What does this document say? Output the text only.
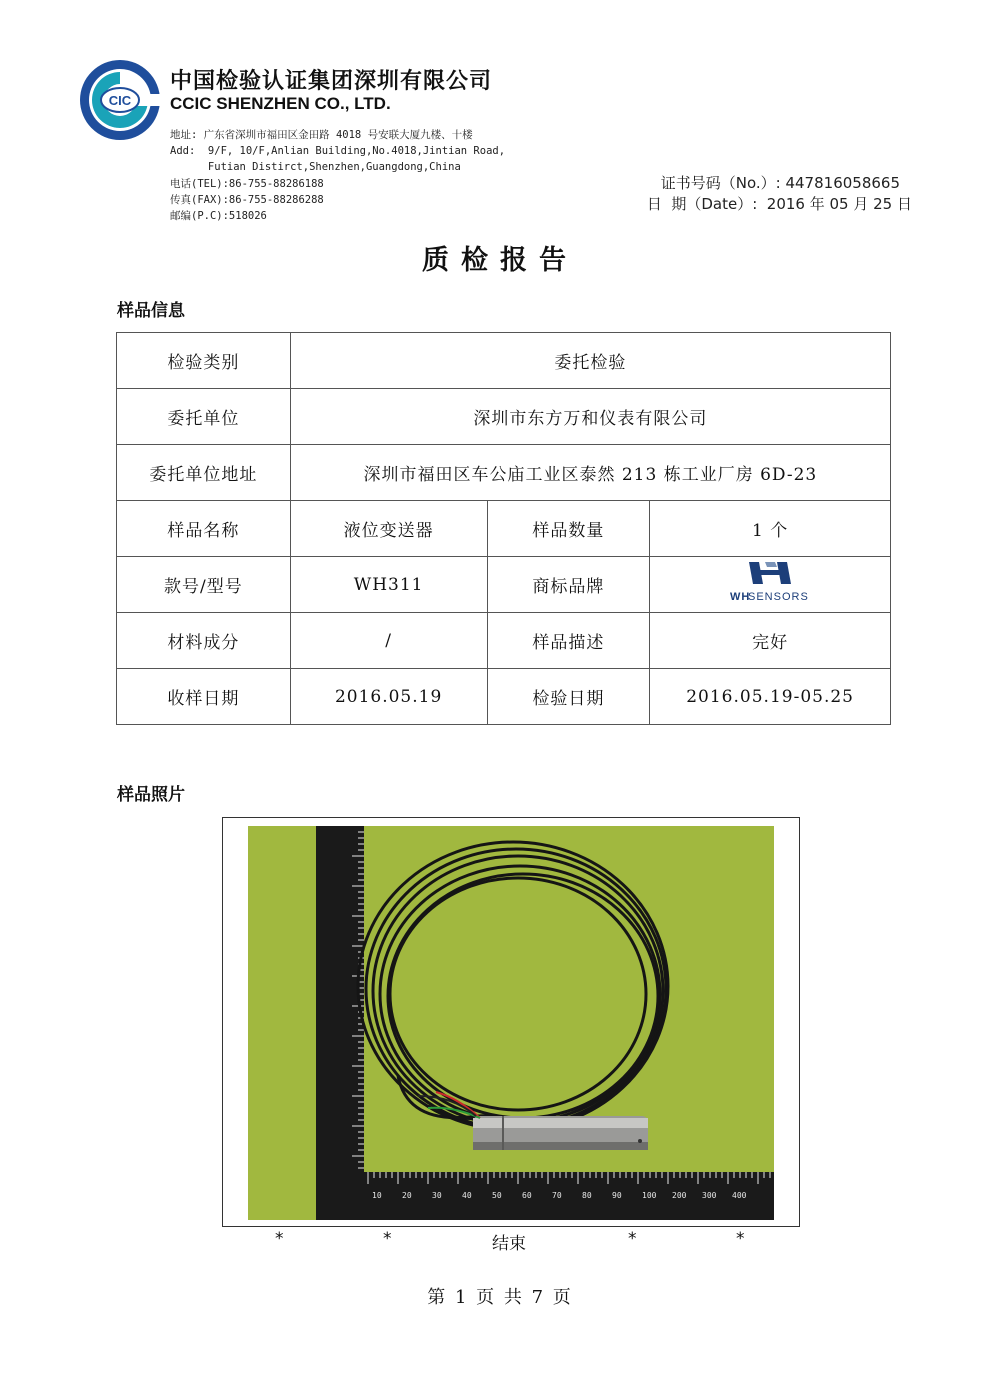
CIC
中国检验认证集团深圳有限公司
CCIC SHENZHEN CO., LTD.
地址: 广东省深圳市福田区金田路 4018 号安联大厦九楼、十楼
Add:  9/F, 10/F,Anlian Building,No.4018,Jintian Road,
Futian Distirct,Shenzhen,Guangdong,China
电话(TEL):86-755-88286188
传真(FAX):86-755-88286288
邮编(P.C):518026
证书号码（No.）: 447816058665
日  期（Date）:  2016 年 05 月 25 日
质检报告
样品信息
检验类别	委托检验		
委托单位	深圳市东方万和仪表有限公司		
委托单位地址	深圳市福田区车公庙工业区泰然 213 栋工业厂房 6D-23		
样品名称	液位变送器	样品数量	1 个
款号/型号	WH311	商标品牌	WH
SENSORS

材料成分	/	样品描述	完好
收样日期	2016.05.19	检验日期	2016.05.19-05.25
样品照片
10	20	30	40	50	60	70	80	90	100 200 300 400
*	*	结束	*	*
第 1 页 共 7 页
